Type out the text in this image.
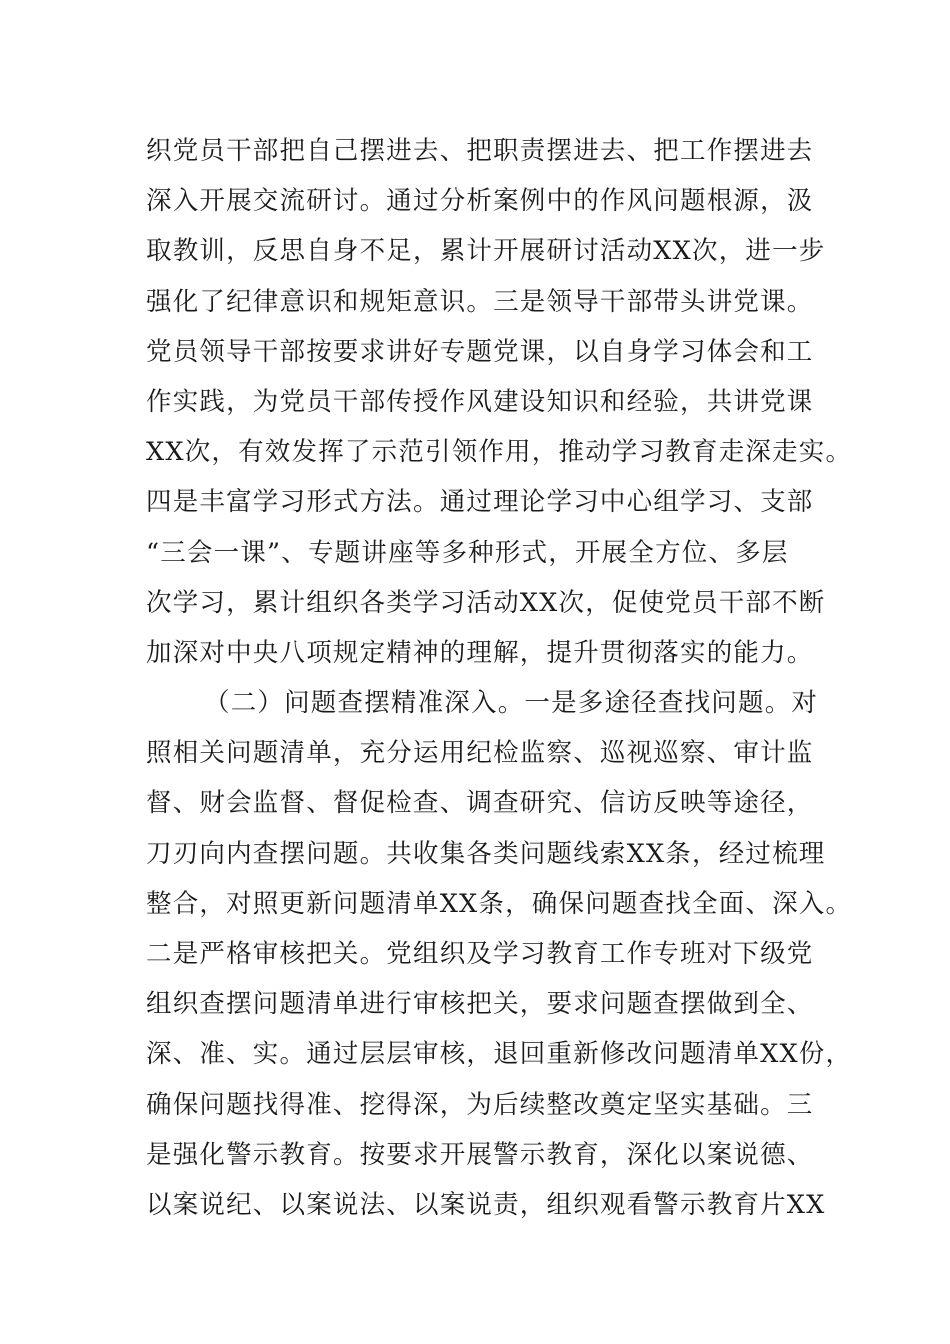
织党员干部把自己摆进去、把职责摆进去、把工作摆进去
深入开展交流研讨。通过分析案例中的作风问题根源，汲
取教训，反思自身不足，累计开展研讨活动XX次，进一步
强化了纪律意识和规矩意识。三是领导干部带头讲党课。
党员领导干部按要求讲好专题党课，以自身学习体会和工
作实践，为党员干部传授作风建设知识和经验，共讲党课
XX次，有效发挥了示范引领作用，推动学习教育走深走实。
四是丰富学习形式方法。通过理论学习中心组学习、支部
“三会一课”、专题讲座等多种形式，开展全方位、多层
次学习，累计组织各类学习活动XX次，促使党员干部不断
加深对中央八项规定精神的理解，提升贯彻落实的能力。
（二）问题查摆精准深入。一是多途径查找问题。对
照相关问题清单，充分运用纪检监察、巡视巡察、审计监
督、财会监督、督促检查、调查研究、信访反映等途径，
刀刃向内查摆问题。共收集各类问题线索XX条，经过梳理
整合，对照更新问题清单XX条，确保问题查找全面、深入。
二是严格审核把关。党组织及学习教育工作专班对下级党
组织查摆问题清单进行审核把关，要求问题查摆做到全、
深、准、实。通过层层审核，退回重新修改问题清单XX份，
确保问题找得准、挖得深，为后续整改奠定坚实基础。三
是强化警示教育。按要求开展警示教育，深化以案说德、
以案说纪、以案说法、以案说责，组织观看警示教育片XX
